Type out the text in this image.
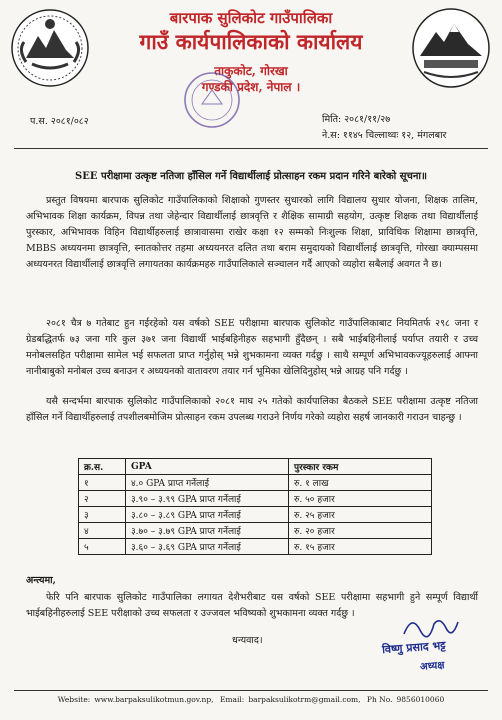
बारपाक सुलिकोट गाउँपालिका
गाउँ कार्यपालिकाको कार्यालय
ताकुकोट, गोरखा
गण्डकी प्रदेश, नेपाल ।
प.स. २०८१/०८२	मिति: २०८१/११/२७
ने.स: ११४५ चिल्लाथ्वः १२, मंगलबार
SEE परीक्षामा उत्कृष्ट नतिजा हाँसिल गर्ने विद्यार्थीलाई प्रोत्साहन रकम प्रदान गरिने बारेको सूचना॥

प्रस्तुत विषयमा बारपाक सुलिकोट गाउँपालिकाको शिक्षाको गुणस्तर सुधारको लागि विद्यालय सुधार योजना, शिक्षक तालिम, अभिभावक शिक्षा कार्यक्रम, विपन्न तथा जेहेन्दार विद्यार्थीलाई छात्रवृत्ति र शैक्षिक सामाग्री सहयोग, उत्कृष्ट शिक्षक तथा विद्यार्थीलाई पुरस्कार, अभिभावक विहिन विद्यार्थीहरुलाई छात्रावासमा राखेर कक्षा १२ सम्मको निःशुल्क शिक्षा, प्राविधिक शिक्षामा छात्रवृत्ति, MBBS अध्ययनमा छात्रवृत्ति, स्नातकोत्तर तहमा अध्ययनरत दलित तथा बराम समुदायको विद्यार्थीलाई छात्रवृत्ति, गोरखा क्याम्पसमा अध्ययनरत विद्यार्थीलाई छात्रवृत्ति लगायतका कार्यक्रमहरु गाउँपालिकाले सञ्चालन गर्दै आएको व्यहोरा सबैलाई अवगत नै छ।

२०८१ चैत्र ७ गतेबाट हुन गईरहेको यस वर्षको SEE परीक्षामा बारपाक सुलिकोट गाउँपालिकाबाट नियमितर्फ २९८ जना र ग्रेडबद्धितर्फ ७३ जना गरि कुल ३७१ जना विद्यार्थी भाईबहिनीहरु सहभागी हुँदैछन् । सबै भाईबहिनीलाई पर्याप्त तयारी र उच्च मनोबलसहित परीक्षामा सामेल भई सफलता प्राप्त गर्नुहोस् भन्ने शुभकामना व्यक्त गर्दछु । साथै सम्पूर्ण अभिभावकज्यूहरुलाई आफ्ना नानीबाबुको मनोबल उच्च बनाउन र अध्ययनको वातावरण तयार गर्न भूमिका खेलिदिनुहोस् भन्ने आग्रह पनि गर्दछु ।

यसै सन्दर्भमा बारपाक सुलिकोट गाउँपालिकाको २०८१ माघ २५ गतेको कार्यपालिका बैठकले SEE परीक्षामा उत्कृष्ट नतिजा हाँसिल गर्ने विद्यार्थीहरुलाई तपशीलबमोजिम प्रोत्साहन रकम उपलब्ध गराउने निर्णय गरेको व्यहोरा सहर्ष जानकारी गराउन चाहन्छु ।

क्र.स.	GPA	पुरस्कार रकम
१	४.० GPA प्राप्त गर्नेलाई	रु. १ लाख
२	३.९० – ३.९९ GPA प्राप्त गर्नेलाई	रु. ५० हजार
३	३.८० – ३.८९ GPA प्राप्त गर्नेलाई	रु. २५ हजार
४	३.७० – ३.७९ GPA प्राप्त गर्नेलाई	रु. २० हजार
५	३.६० – ३.६९ GPA प्राप्त गर्नेलाई	रु. १५ हजार
अन्त्यमा,

फेरि पनि बारपाक सुलिकोट गाउँपालिका लगायत देशैभरीबाट यस वर्षको SEE परीक्षामा सहभागी हुने सम्पूर्ण विद्यार्थी भाईबहिनीहरुलाई SEE परीक्षाको उच्च सफलता र उज्जवल भविष्यको शुभकामना व्यक्त गर्दछु ।

धन्यवाद।	विष्णु प्रसाद भट्ट
अध्यक्ष
Website: www.barpaksulikotmun.gov.np, Email: barpaksulikotrm@gmail.com, Ph No. 9856010060
